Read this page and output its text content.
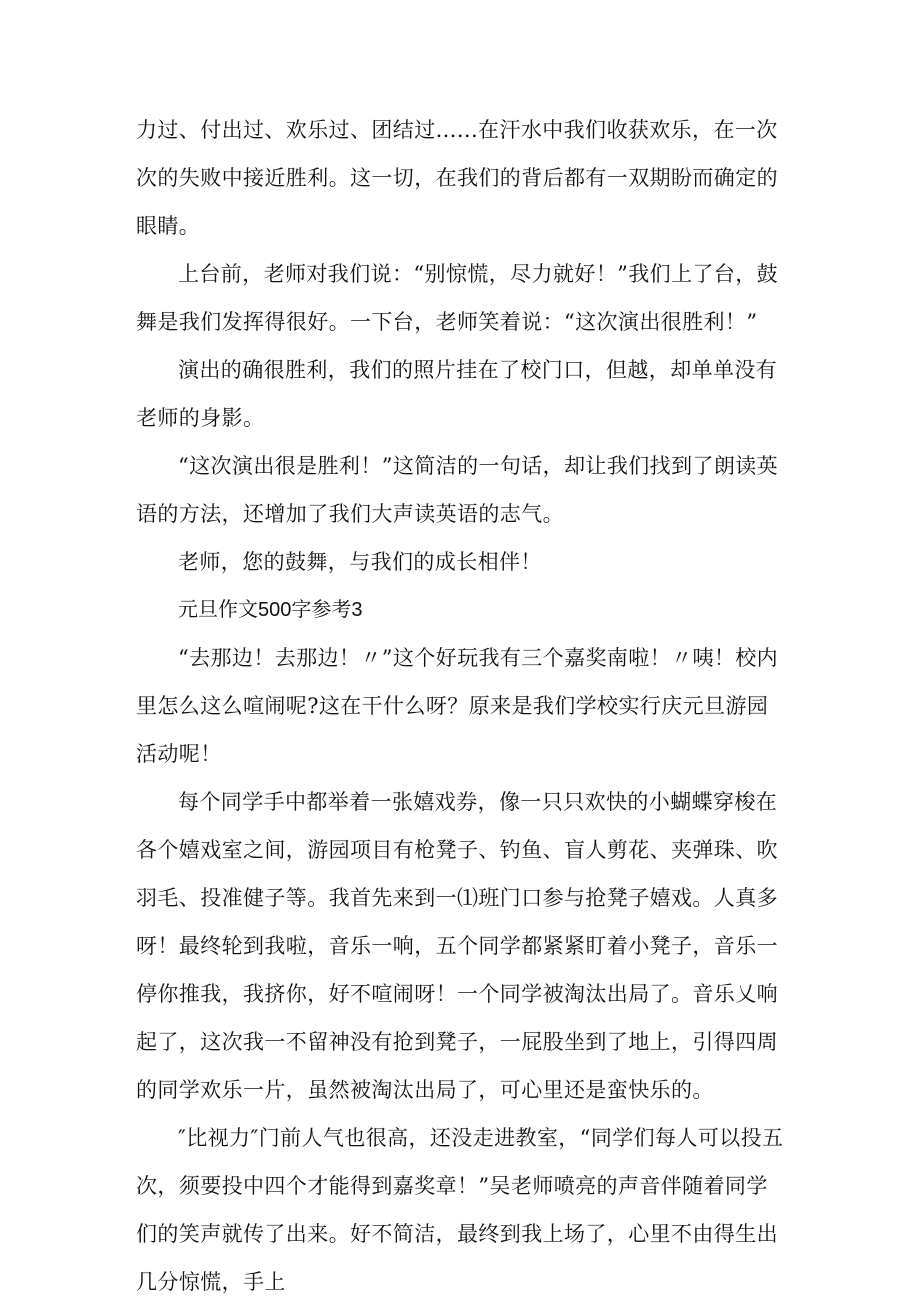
力过、付出过、欢乐过、团结过......在汗水中我们收获欢乐，在一次次的失败中接近胜利。这一切，在我们的背后都有一双期盼而确定的眼睛。

上台前，老师对我们说：“别惊慌，尽力就好！”我们上了台，鼓舞是我们发挥得很好。一下台，老师笑着说：“这次演出很胜利！”

演出的确很胜利，我们的照片挂在了校门口，但越，却单单没有老师的身影。

“这次演出很是胜利！”这简洁的一句话，却让我们找到了朗读英语的方法，还增加了我们大声读英语的志气。

老师，您的鼓舞，与我们的成长相伴！

元旦作文500字参考3

“去那边！去那边！〃”这个好玩我有三个嘉奖南啦！〃咦！校内里怎么这么喧闹呢?这在干什么呀？原来是我们学校实行庆元旦游园活动呢！

每个同学手中都举着一张嬉戏券，像一只只欢快的小蝴蝶穿梭在各个嬉戏室之间，游园项目有枪凳子、钓鱼、盲人剪花、夹弹珠、吹羽毛、投准健子等。我首先来到一⑴班门口参与抢凳子嬉戏。人真多呀！最终轮到我啦，音乐一响，五个同学都紧紧盯着小凳子，音乐一停你推我，我挤你，好不喧闹呀！一个同学被淘汰出局了。音乐乂响起了，这次我一不留神没有抢到凳子，一屁股坐到了地上，引得四周的同学欢乐一片，虽然被淘汰出局了，可心里还是蛮快乐的。

″比视力″门前人气也很高，还没走进教室，“同学们每人可以投五次，须要投中四个才能得到嘉奖章！”吴老师喷亮的声音伴随着同学们的笑声就传了出来。好不简洁，最终到我上场了，心里不由得生出几分惊慌，手上
